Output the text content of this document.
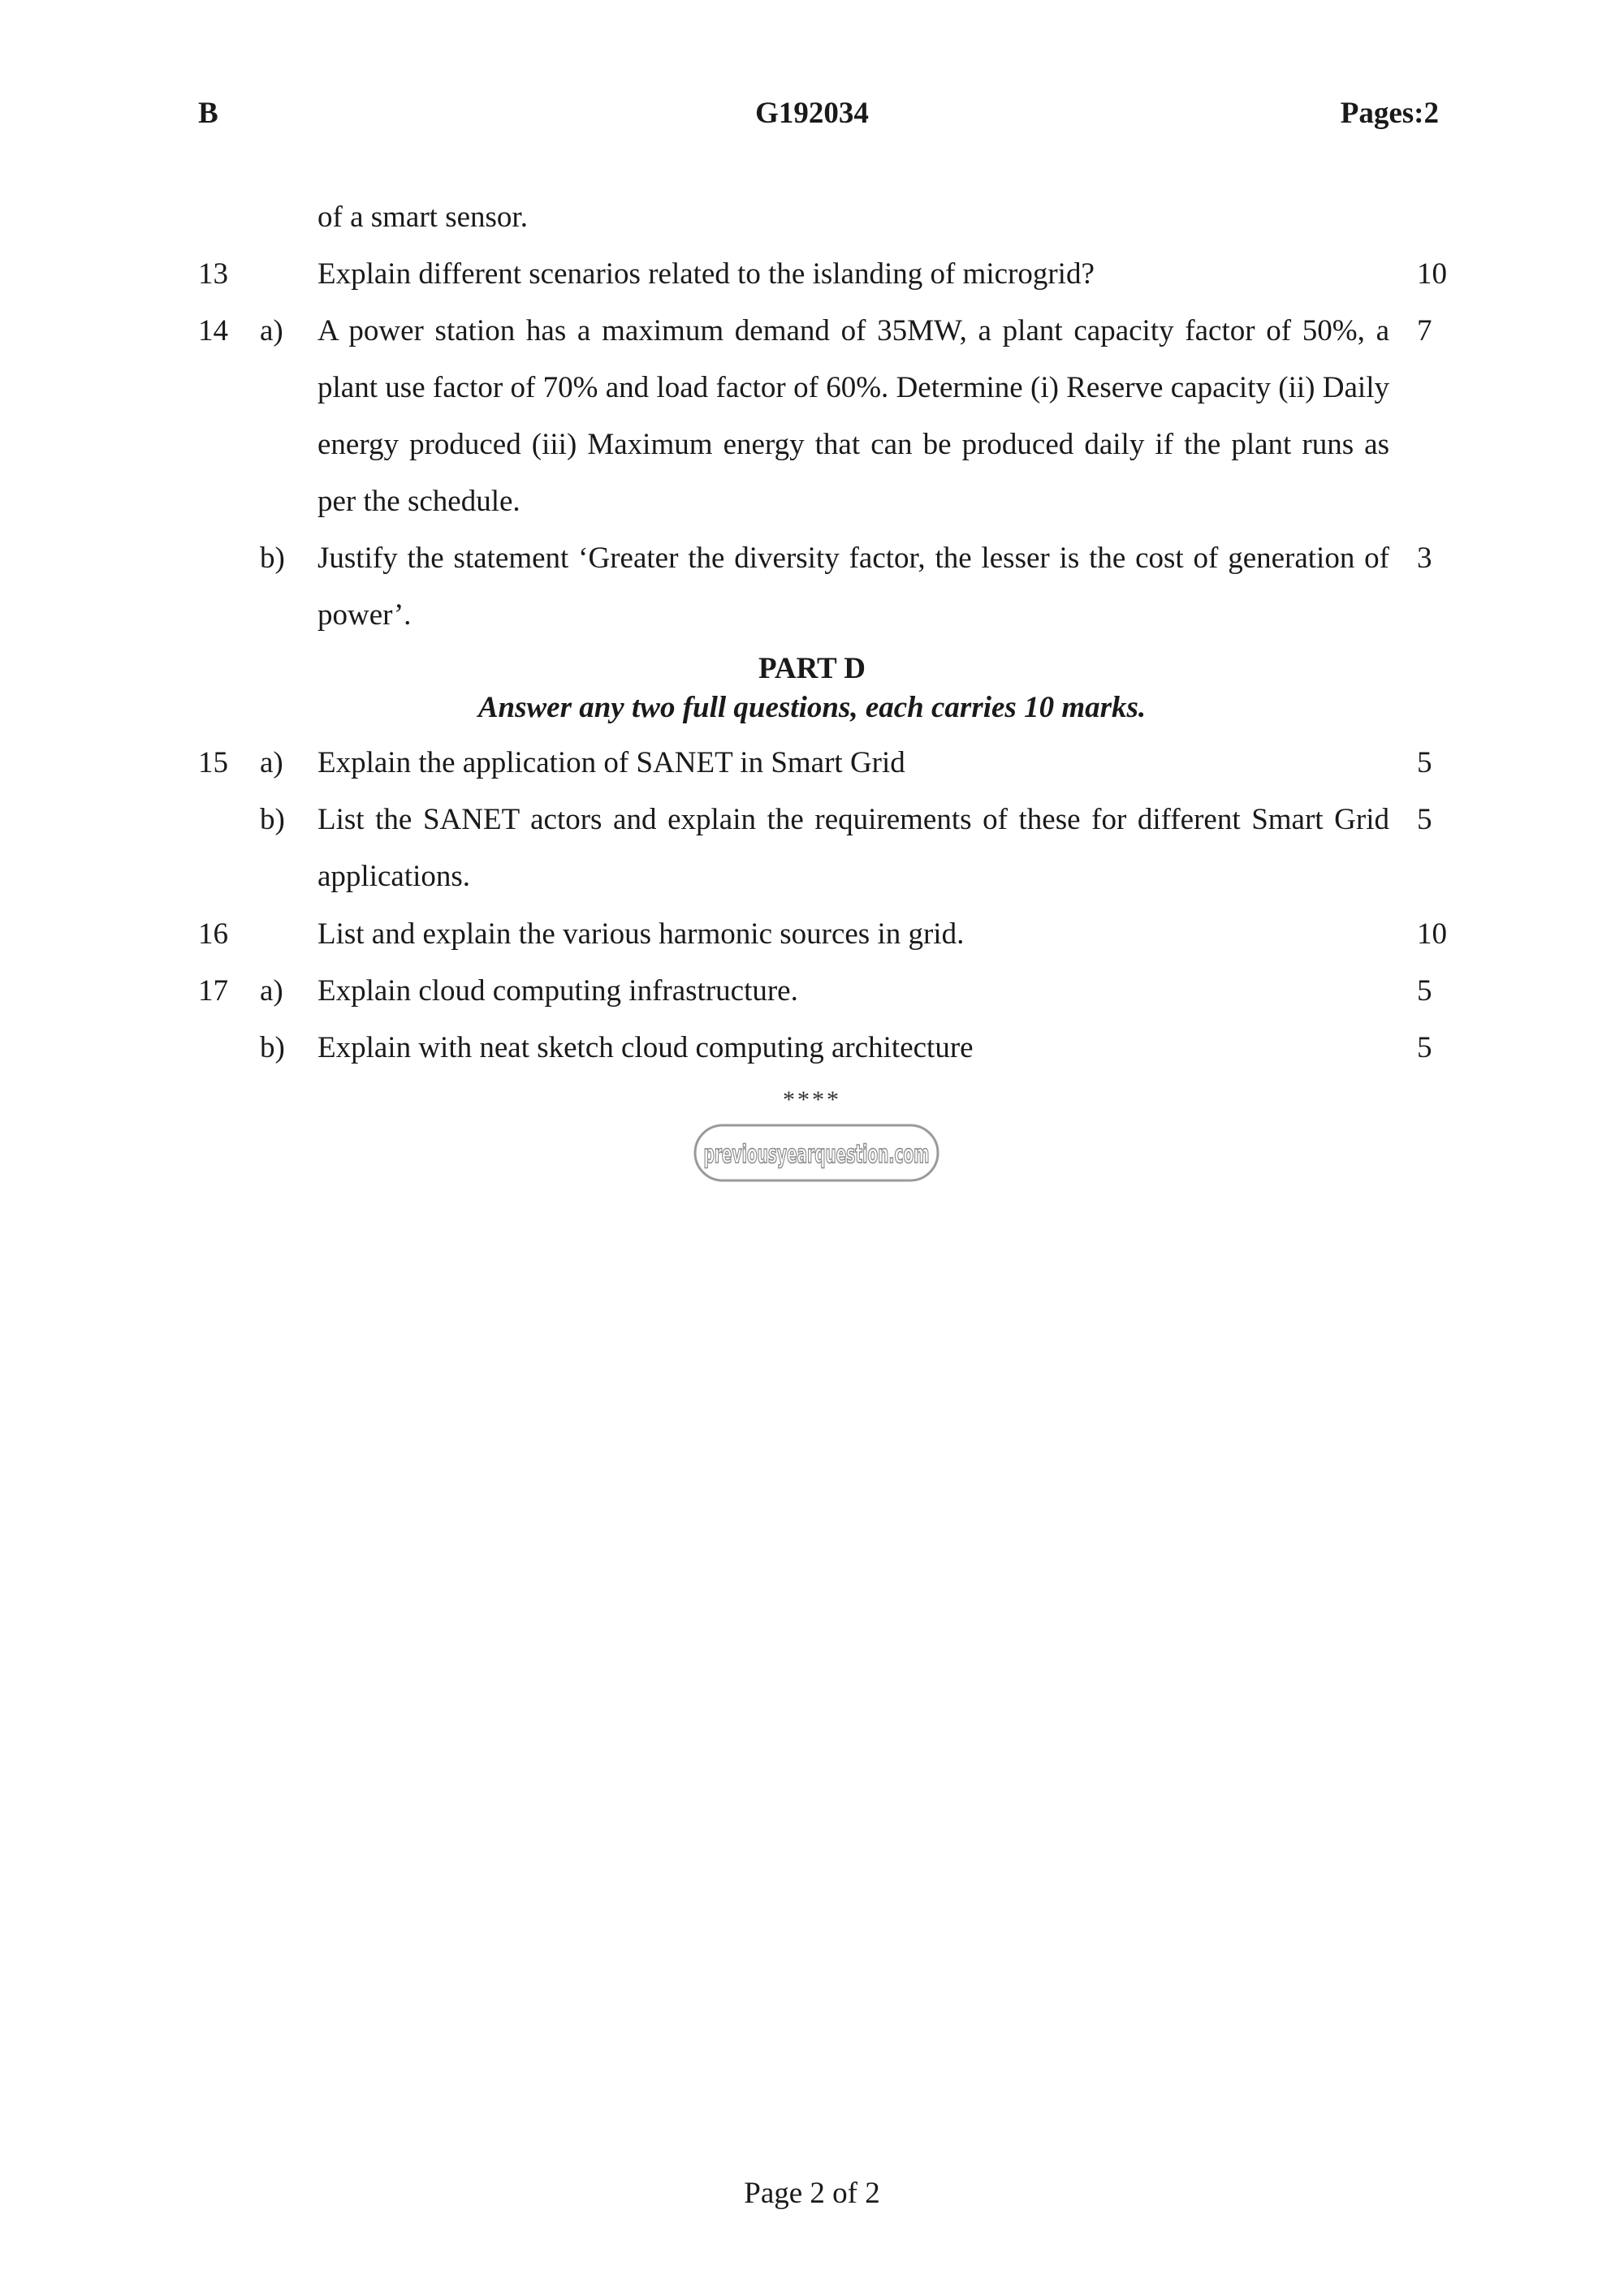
G192034
B	Pages:2
of a smart sensor.
13	Explain different scenarios related to the islanding of microgrid?	10
14	a)	A power station has a maximum demand of 35MW, a plant capacity factor of 50%, a plant use factor of 70% and load factor of 60%. Determine (i) Reserve capacity (ii) Daily energy produced (iii) Maximum energy that can be produced daily if the plant runs as per the schedule.
7
b)	Justify the statement ‘Greater the diversity factor, the lesser is the cost of generation of power’.
3
PART D
Answer any two full questions, each carries 10 marks.
15	a)	Explain the application of SANET in Smart Grid	5
b)	List the SANET actors and explain the requirements of these for different Smart Grid applications.
5
16	List and explain the various harmonic sources in grid.	10
17	a)	Explain cloud computing infrastructure.	5
b)	Explain with neat sketch cloud computing architecture	5
****
previousyearquestion.com
Page 2 of 2
